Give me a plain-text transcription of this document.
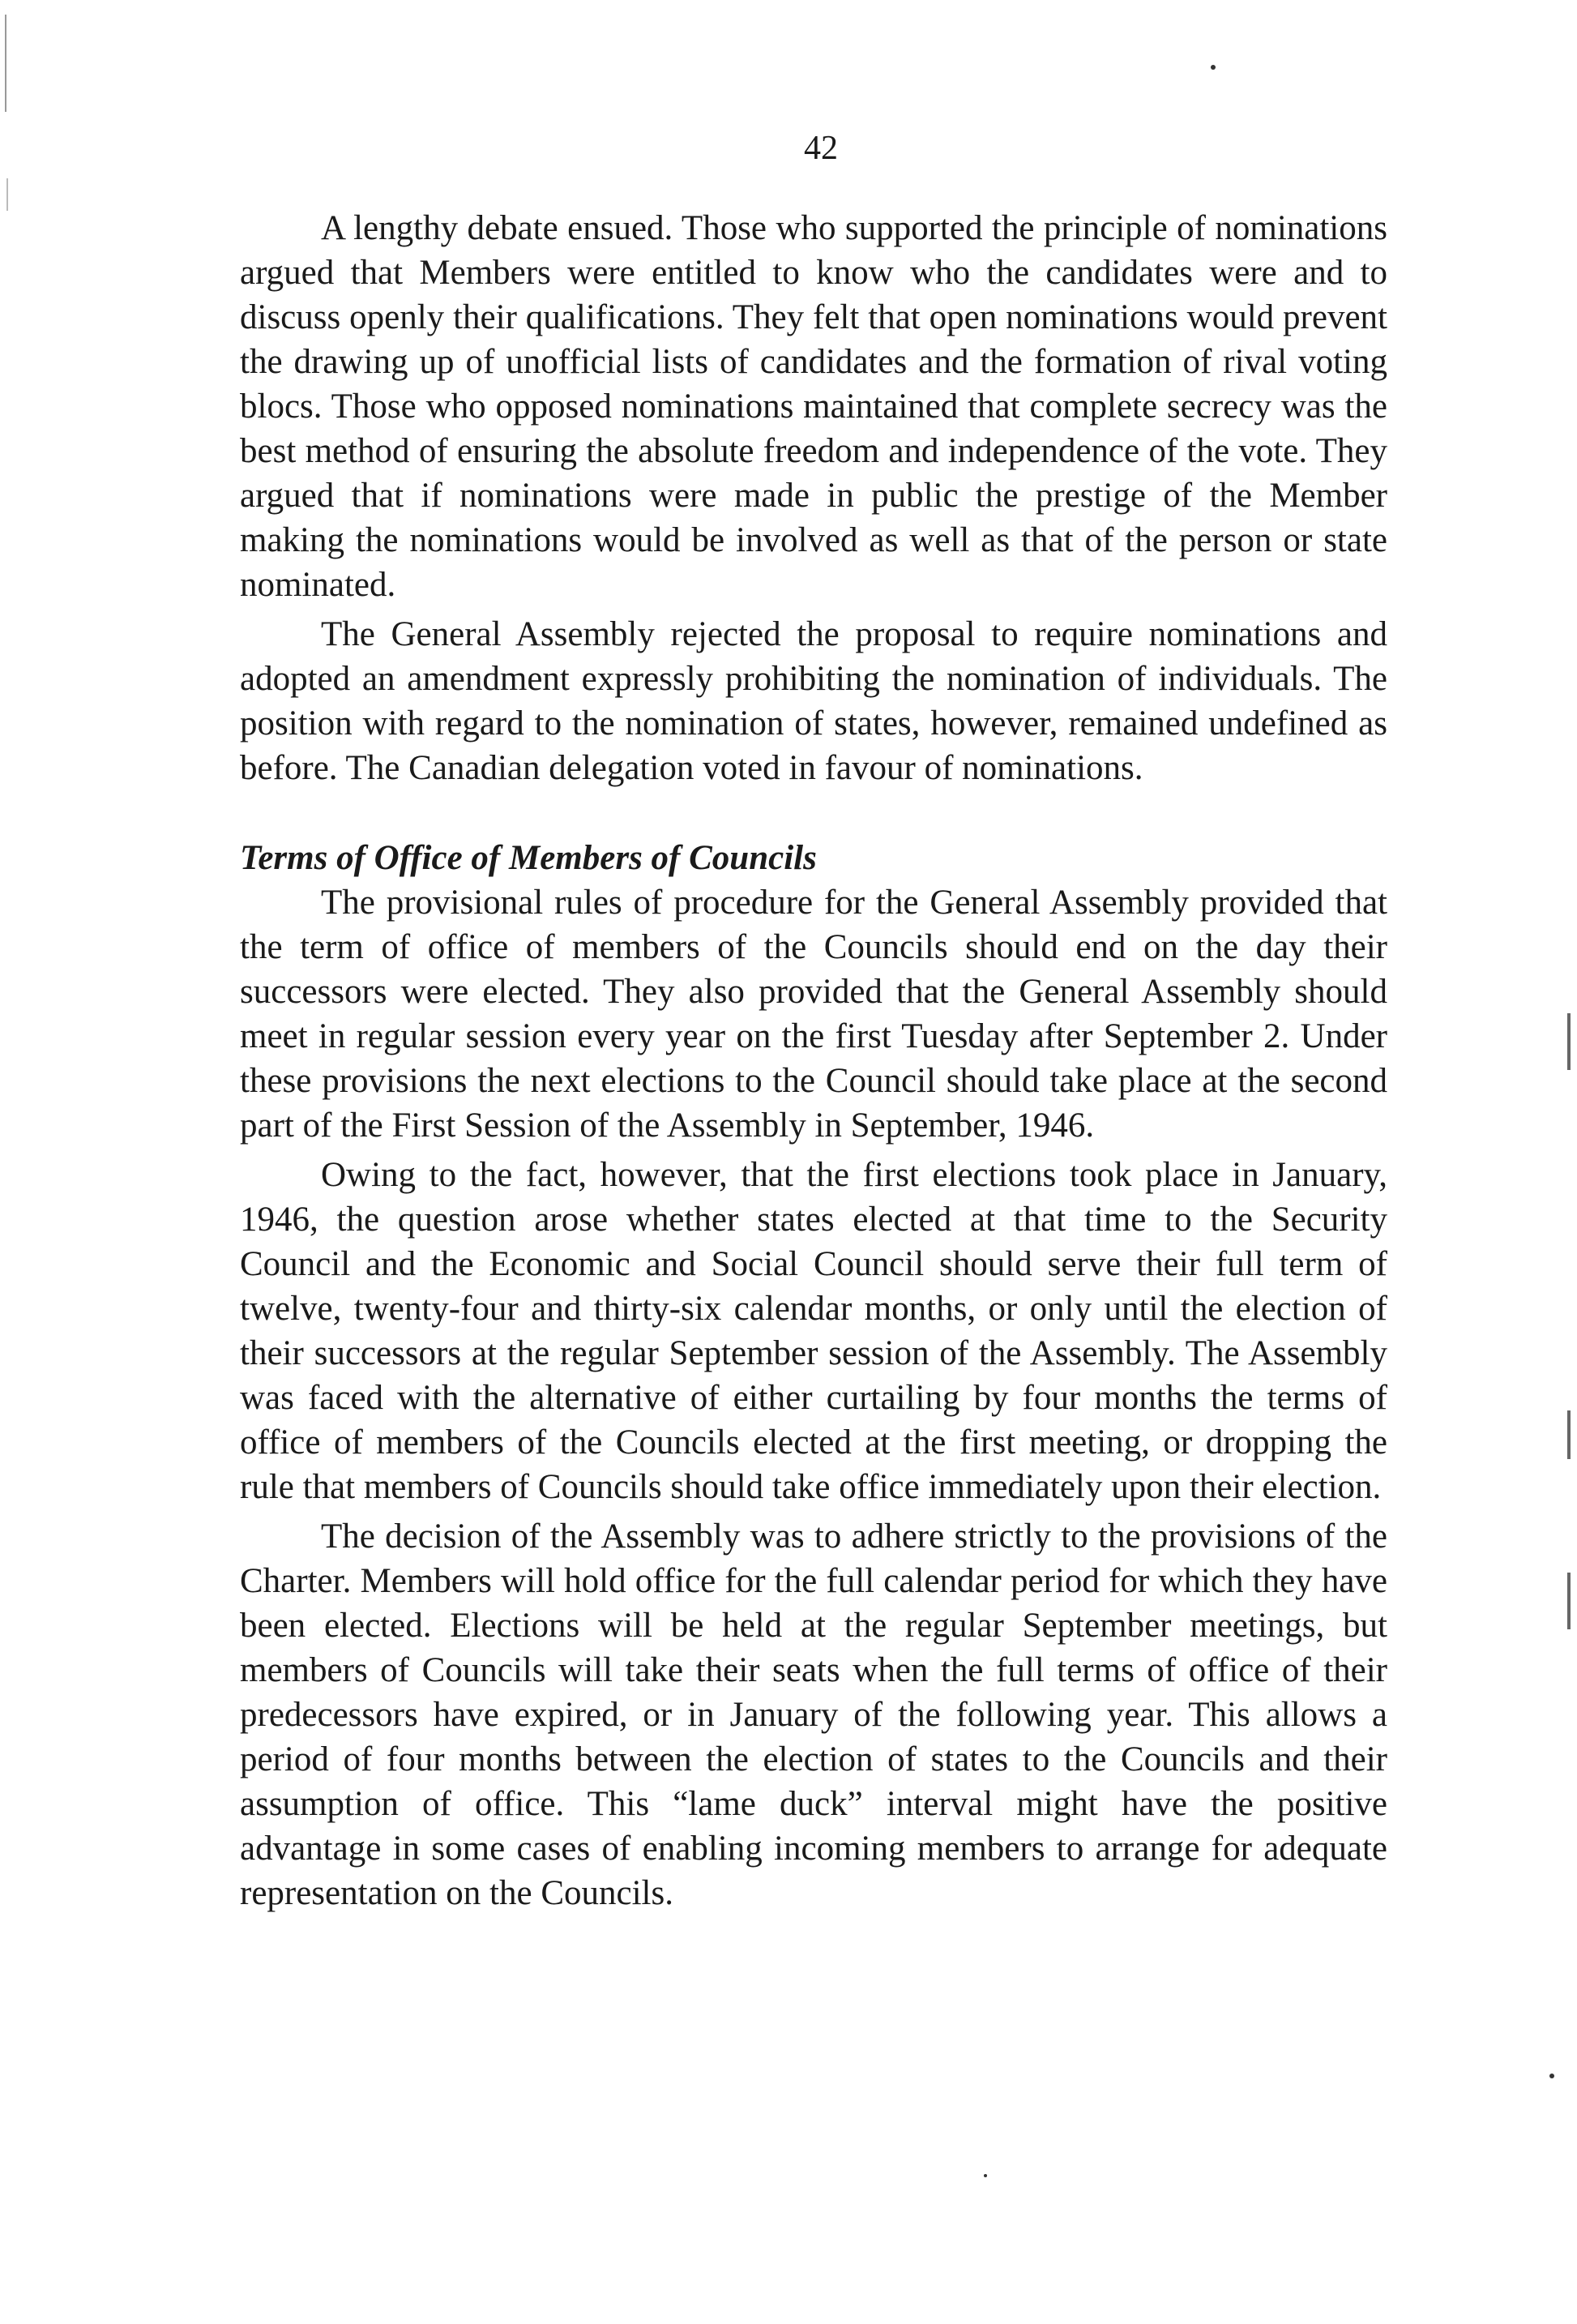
42

A lengthy debate ensued. Those who supported the principle of nominations argued that Members were entitled to know who the candidates were and to discuss openly their qualifications. They felt that open nominations would prevent the drawing up of unofficial lists of candidates and the formation of rival voting blocs. Those who opposed nominations maintained that complete secrecy was the best method of ensuring the absolute freedom and independence of the vote. They argued that if nominations were made in public the prestige of the Member making the nominations would be involved as well as that of the person or state nominated.

The General Assembly rejected the proposal to require nominations and adopted an amendment expressly prohibiting the nomination of individuals. The position with regard to the nomination of states, however, remained undefined as before. The Canadian delegation voted in favour of nominations.

Terms of Office of Members of Councils

The provisional rules of procedure for the General Assembly provided that the term of office of members of the Councils should end on the day their successors were elected. They also provided that the General Assembly should meet in regular session every year on the first Tuesday after September 2. Under these provisions the next elections to the Council should take place at the second part of the First Session of the Assembly in September, 1946.

Owing to the fact, however, that the first elections took place in January, 1946, the question arose whether states elected at that time to the Security Council and the Economic and Social Council should serve their full term of twelve, twenty-four and thirty-six calendar months, or only until the election of their successors at the regular September session of the Assembly. The Assembly was faced with the alternative of either curtailing by four months the terms of office of members of the Councils elected at the first meeting, or dropping the rule that members of Councils should take office immediately upon their election.

The decision of the Assembly was to adhere strictly to the provisions of the Charter. Members will hold office for the full calendar period for which they have been elected. Elections will be held at the regular September meetings, but members of Councils will take their seats when the full terms of office of their predecessors have expired, or in January of the following year. This allows a period of four months between the election of states to the Councils and their assumption of office. This “lame duck” interval might have the positive advantage in some cases of enabling incoming members to arrange for adequate representation on the Councils.
